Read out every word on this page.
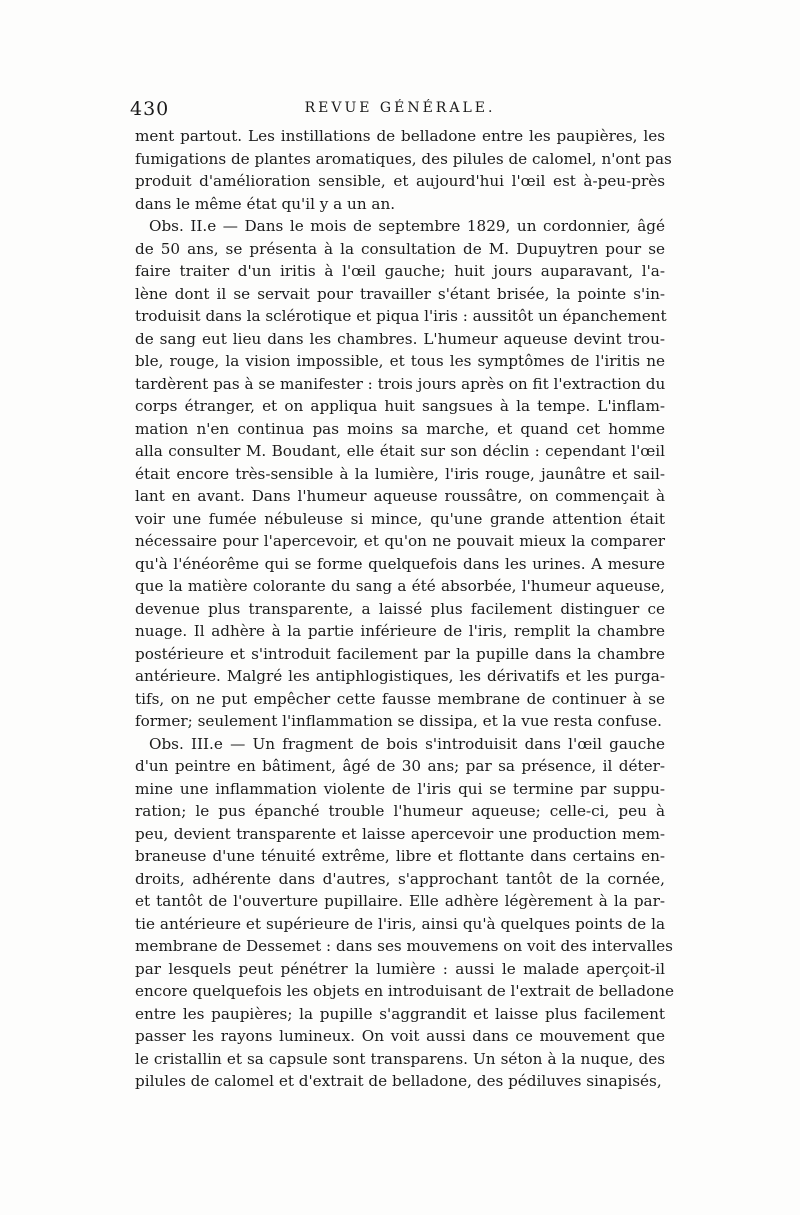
430	REVUE GÉNÉRALE.
ment partout. Les instillations de belladone entre les paupières, les
fumigations de plantes aromatiques, des pilules de calomel, n'ont pas
produit d'amélioration sensible, et aujourd'hui l'œil est à-peu-près
dans le même état qu'il y a un an.
Obs. II.e — Dans le mois de septembre 1829, un cordonnier, âgé
de 50 ans, se présenta à la consultation de M. Dupuytren pour se
faire traiter d'un iritis à l'œil gauche; huit jours auparavant, l'a-
lène dont il se servait pour travailler s'étant brisée, la pointe s'in-
troduisit dans la sclérotique et piqua l'iris : aussitôt un épanchement
de sang eut lieu dans les chambres. L'humeur aqueuse devint trou-
ble, rouge, la vision impossible, et tous les symptômes de l'iritis ne
tardèrent pas à se manifester : trois jours après on fit l'extraction du
corps étranger, et on appliqua huit sangsues à la tempe. L'inflam-
mation n'en continua pas moins sa marche, et quand cet homme
alla consulter M. Boudant, elle était sur son déclin : cependant l'œil
était encore très-sensible à la lumière, l'iris rouge, jaunâtre et sail-
lant en avant. Dans l'humeur aqueuse roussâtre, on commençait à
voir une fumée nébuleuse si mince, qu'une grande attention était
nécessaire pour l'apercevoir, et qu'on ne pouvait mieux la comparer
qu'à l'énéorême qui se forme quelquefois dans les urines. A mesure
que la matière colorante du sang a été absorbée, l'humeur aqueuse,
devenue plus transparente, a laissé plus facilement distinguer ce
nuage. Il adhère à la partie inférieure de l'iris, remplit la chambre
postérieure et s'introduit facilement par la pupille dans la chambre
antérieure. Malgré les antiphlogistiques, les dérivatifs et les purga-
tifs, on ne put empêcher cette fausse membrane de continuer à se
former; seulement l'inflammation se dissipa, et la vue resta confuse.
Obs. III.e — Un fragment de bois s'introduisit dans l'œil gauche
d'un peintre en bâtiment, âgé de 30 ans; par sa présence, il déter-
mine une inflammation violente de l'iris qui se termine par suppu-
ration; le pus épanché trouble l'humeur aqueuse; celle-ci, peu à
peu, devient transparente et laisse apercevoir une production mem-
braneuse d'une ténuité extrême, libre et flottante dans certains en-
droits, adhérente dans d'autres, s'approchant tantôt de la cornée,
et tantôt de l'ouverture pupillaire. Elle adhère légèrement à la par-
tie antérieure et supérieure de l'iris, ainsi qu'à quelques points de la
membrane de Dessemet : dans ses mouvemens on voit des intervalles
par lesquels peut pénétrer la lumière : aussi le malade aperçoit-il
encore quelquefois les objets en introduisant de l'extrait de belladone
entre les paupières; la pupille s'aggrandit et laisse plus facilement
passer les rayons lumineux. On voit aussi dans ce mouvement que
le cristallin et sa capsule sont transparens. Un séton à la nuque, des
pilules de calomel et d'extrait de belladone, des pédiluves sinapisés,
